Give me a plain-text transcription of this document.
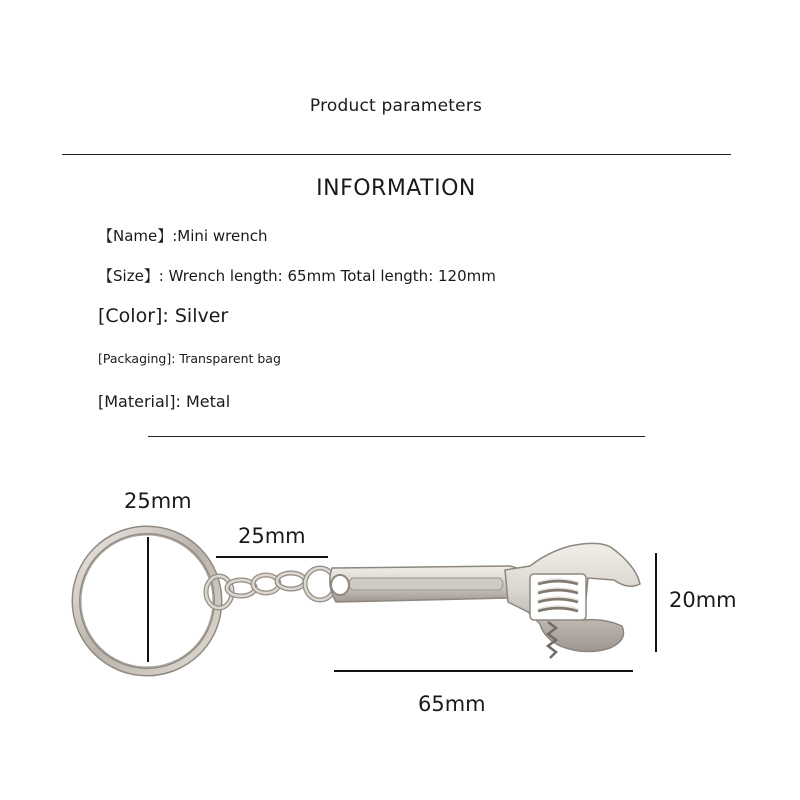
Product parameters
INFORMATION
【Name】:Mini wrench
【Size】: Wrench length: 65mm Total length: 120mm
[Color]: Silver
[Packaging]: Transparent bag
[Material]: Metal
25mm
25mm
20mm
65mm
